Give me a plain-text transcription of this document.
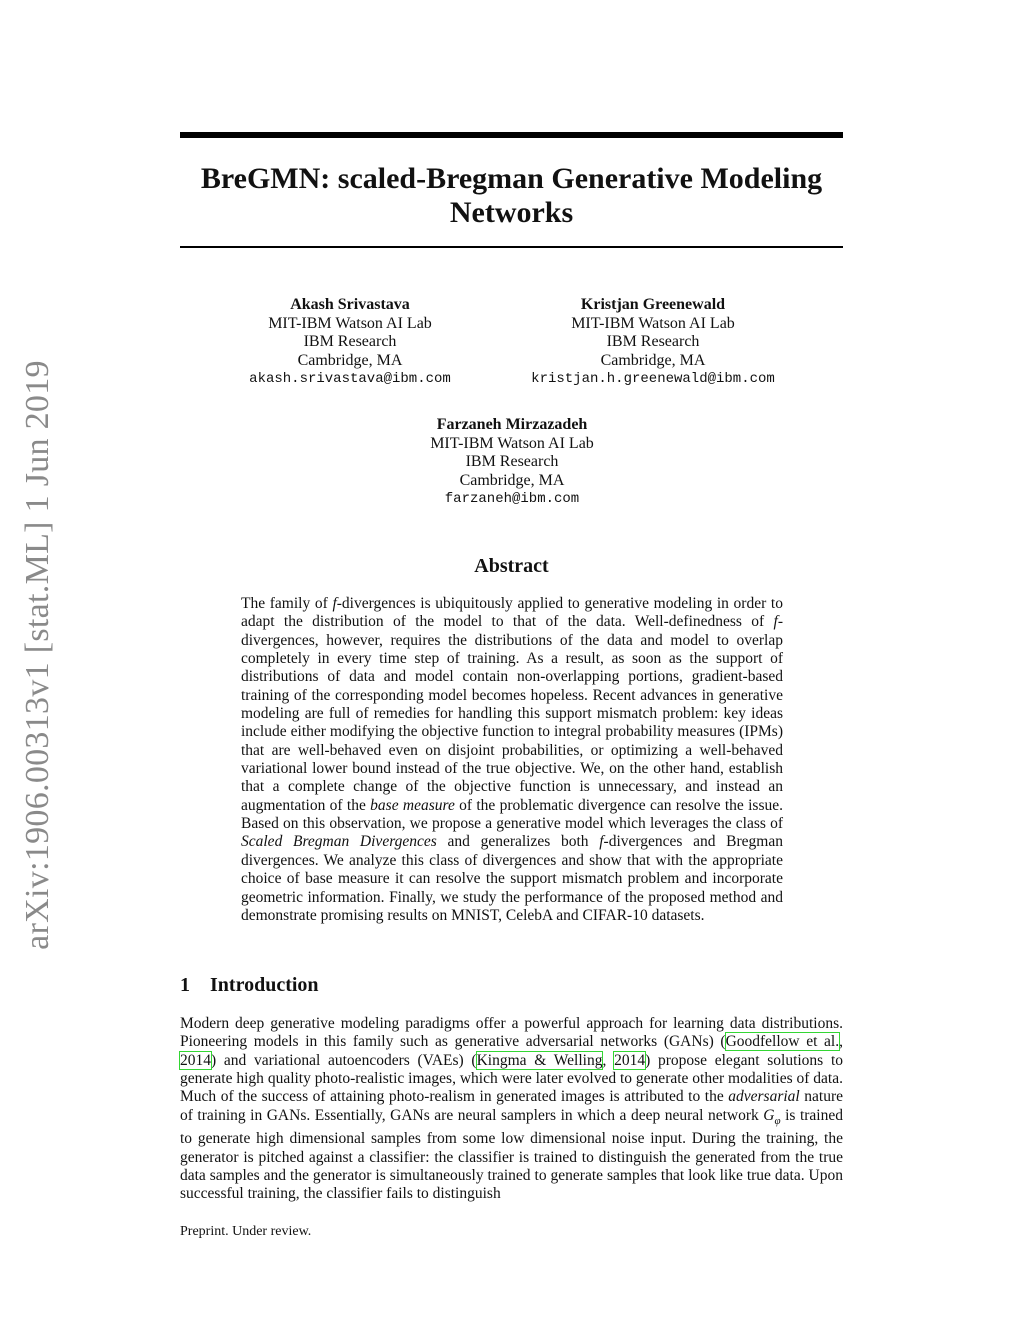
arXiv:1906.00313v1 [stat.ML] 1 Jun 2019
BreGMN: scaled-Bregman Generative Modeling Networks
Akash Srivastava
MIT-IBM Watson AI Lab
IBM Research
Cambridge, MA
akash.srivastava@ibm.com
Kristjan Greenewald
MIT-IBM Watson AI Lab
IBM Research
Cambridge, MA
kristjan.h.greenewald@ibm.com
Farzaneh Mirzazadeh
MIT-IBM Watson AI Lab
IBM Research
Cambridge, MA
farzaneh@ibm.com
Abstract

The family of f-divergences is ubiquitously applied to generative modeling in order to adapt the distribution of the model to that of the data. Well-definedness of f-divergences, however, requires the distributions of the data and model to overlap completely in every time step of training. As a result, as soon as the support of distributions of data and model contain non-overlapping portions, gradient-based training of the corresponding model becomes hopeless. Recent advances in generative modeling are full of remedies for handling this support mismatch problem: key ideas include either modifying the objective function to integral probability measures (IPMs) that are well-behaved even on disjoint probabilities, or optimizing a well-behaved variational lower bound instead of the true objective. We, on the other hand, establish that a complete change of the objective function is unnecessary, and instead an augmentation of the base measure of the problematic divergence can resolve the issue. Based on this observation, we propose a generative model which leverages the class of Scaled Bregman Divergences and generalizes both f-divergences and Bregman divergences. We analyze this class of divergences and show that with the appropriate choice of base measure it can resolve the support mismatch problem and incorporate geometric information. Finally, we study the performance of the proposed method and demonstrate promising results on MNIST, CelebA and CIFAR-10 datasets.

1 Introduction

Modern deep generative modeling paradigms offer a powerful approach for learning data distributions. Pioneering models in this family such as generative adversarial networks (GANs) (Goodfellow et al., 2014) and variational autoencoders (VAEs) (Kingma & Welling, 2014) propose elegant solutions to generate high quality photo-realistic images, which were later evolved to generate other modalities of data. Much of the success of attaining photo-realism in generated images is attributed to the adversarial nature of training in GANs. Essentially, GANs are neural samplers in which a deep neural network $G_\varphi$ is trained to generate high dimensional samples from some low dimensional noise input. During the training, the generator is pitched against a classifier: the classifier is trained to distinguish the generated from the true data samples and the generator is simultaneously trained to generate samples that look like true data. Upon successful training, the classifier fails to distinguish

Preprint. Under review.
